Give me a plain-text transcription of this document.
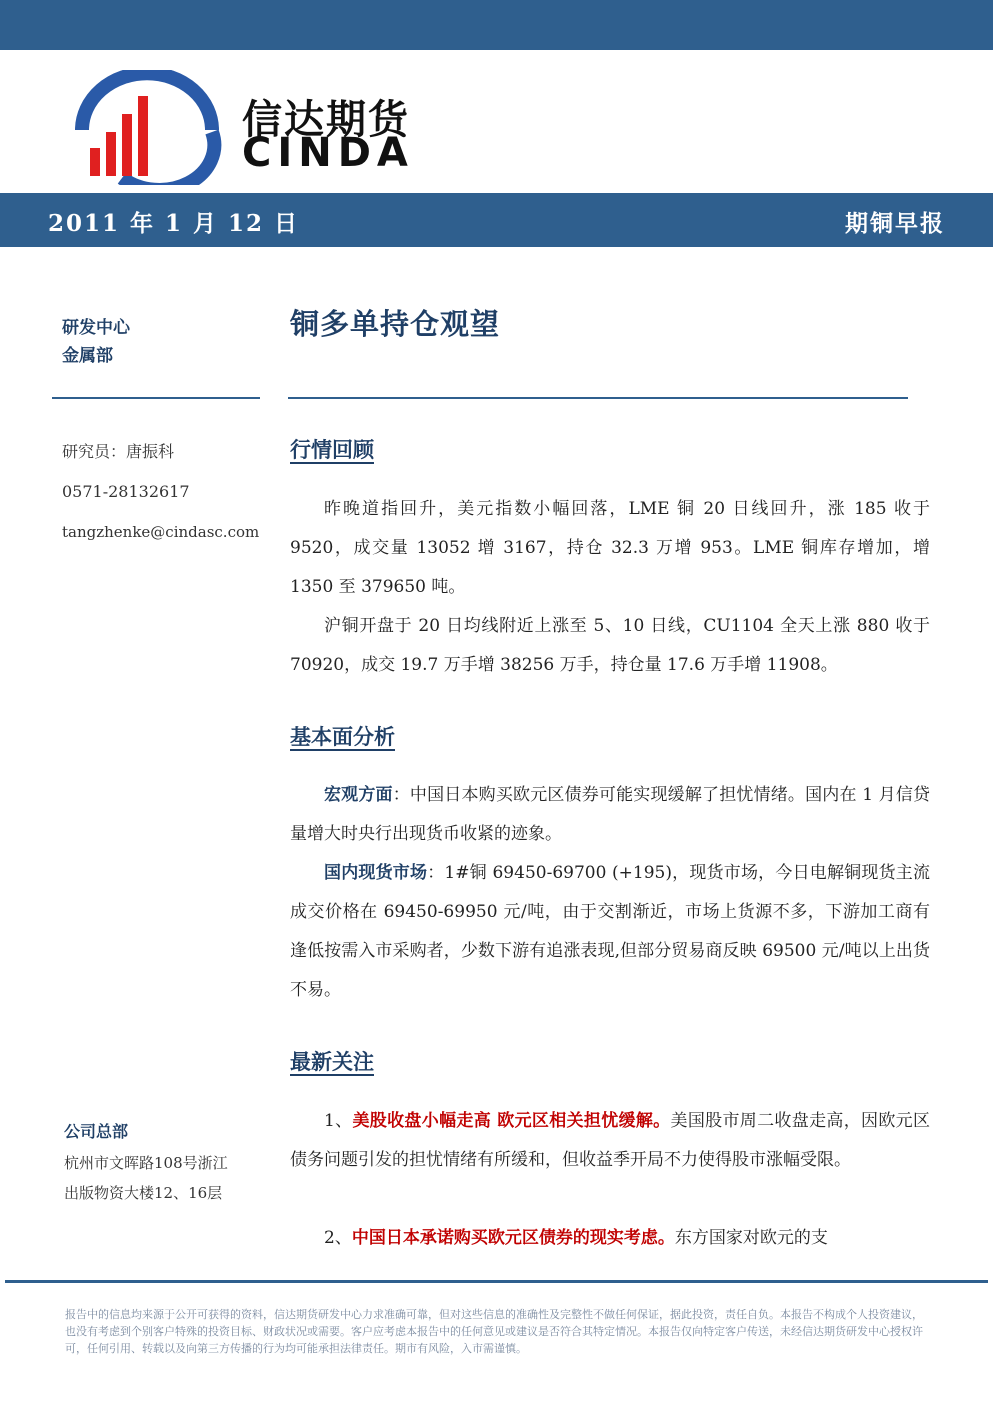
信达期货
CINDA
2011 年 1 月 12 日	期铜早报
研发中心
金属部
研究员：唐振科
0571-28132617
tangzhenke@cindasc.com
公司总部
杭州市文晖路108号浙江
出版物资大楼12、16层
铜多单持仓观望
行情回顾

昨晚道指回升，美元指数小幅回落，LME 铜 20 日线回升，涨 185 收于 9520，成交量 13052 增 3167，持仓 32.3 万增 953。LME 铜库存增加，增 1350 至 379650 吨。

沪铜开盘于 20 日均线附近上涨至 5、10 日线，CU1104 全天上涨 880 收于 70920，成交 19.7 万手增 38256 万手，持仓量 17.6 万手增 11908。

基本面分析

宏观方面：中国日本购买欧元区债券可能实现缓解了担忧情绪。国内在 1 月信贷量增大时央行出现货币收紧的迹象。

国内现货市场：1#铜 69450-69700 (+195)，现货市场，今日电解铜现货主流成交价格在 69450-69950 元/吨，由于交割渐近，市场上货源不多，下游加工商有逢低按需入市采购者，少数下游有追涨表现,但部分贸易商反映 69500 元/吨以上出货不易。

最新关注

1、美股收盘小幅走高 欧元区相关担忧缓解。美国股市周二收盘走高，因欧元区债务问题引发的担忧情绪有所缓和，但收益季开局不力使得股市涨幅受限。

2、中国日本承诺购买欧元区债券的现实考虑。东方国家对欧元的支

报告中的信息均来源于公开可获得的资料，信达期货研发中心力求准确可靠，但对这些信息的准确性及完整性不做任何保证，据此投资，责任自负。本报告不构成个人投资建议，也没有考虑到个别客户特殊的投资目标、财政状况或需要。客户应考虑本报告中的任何意见或建议是否符合其特定情况。本报告仅向特定客户传送，未经信达期货研发中心授权许可，任何引用、转载以及向第三方传播的行为均可能承担法律责任。期市有风险，入市需谨慎。
